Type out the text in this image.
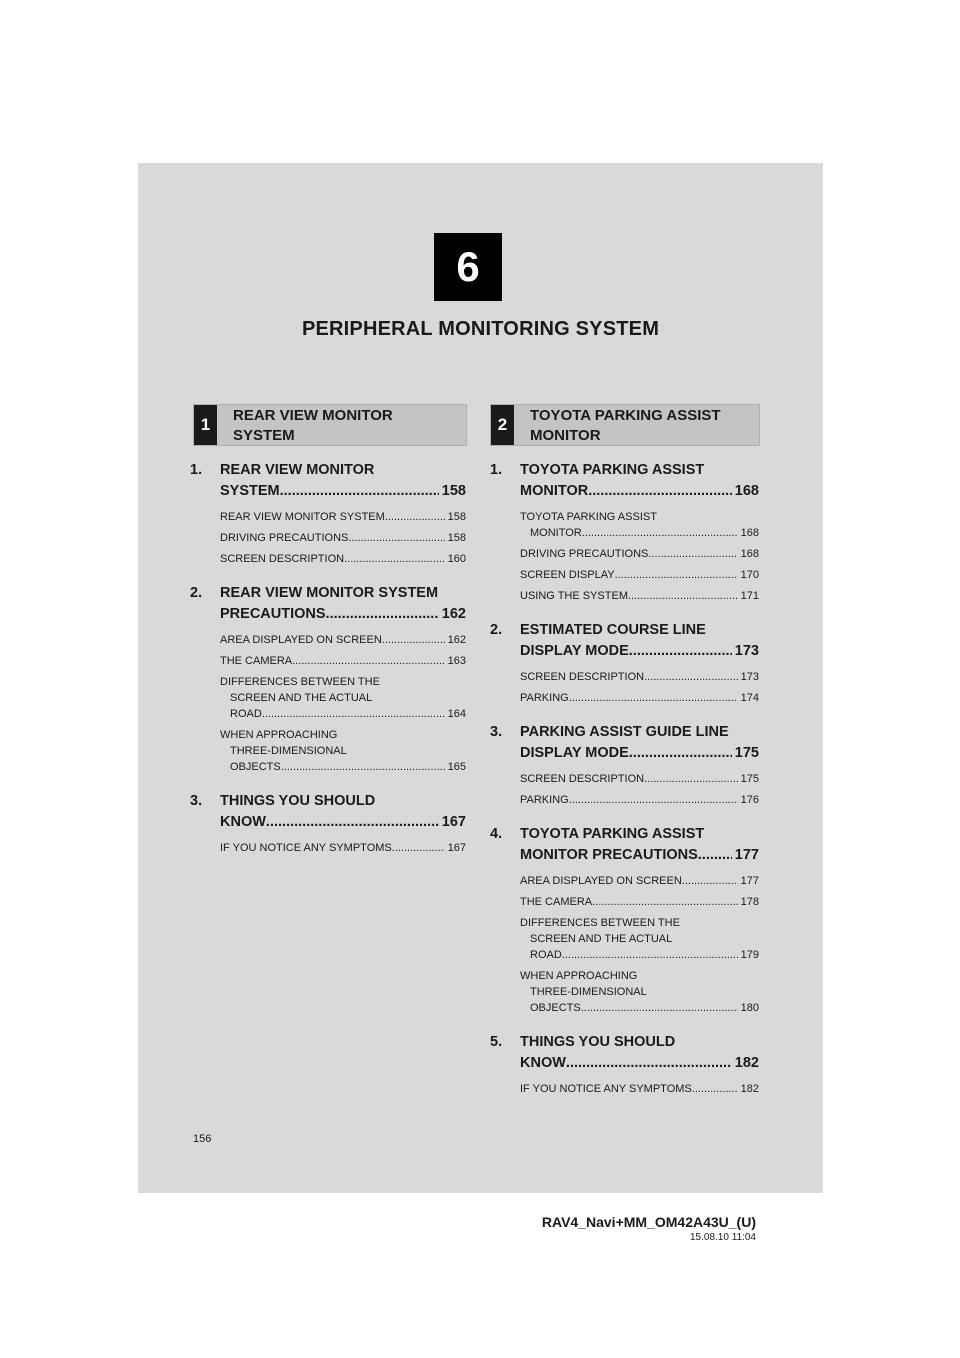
6
PERIPHERAL MONITORING SYSTEM
1	REAR VIEW MONITOR
SYSTEM
2	TOYOTA PARKING ASSIST
MONITOR
1.	REAR VIEW MONITOR
SYSTEM .....	158
REAR VIEW MONITOR SYSTEM .....	158
DRIVING PRECAUTIONS .....	158
SCREEN DESCRIPTION .....	160
2.	REAR VIEW MONITOR SYSTEM
PRECAUTIONS .....	162
AREA DISPLAYED ON SCREEN .....	162
THE CAMERA .....	163
DIFFERENCES BETWEEN THE
SCREEN AND THE ACTUAL
ROAD .....	164
WHEN APPROACHING
THREE-DIMENSIONAL
OBJECTS .....	165
3.	THINGS YOU SHOULD
KNOW .....	167
IF YOU NOTICE ANY SYMPTOMS .....	167
1.	TOYOTA PARKING ASSIST
MONITOR .....	168
TOYOTA PARKING ASSIST
MONITOR .....	168
DRIVING PRECAUTIONS .....	168
SCREEN DISPLAY .....	170
USING THE SYSTEM .....	171
2.	ESTIMATED COURSE LINE
DISPLAY MODE .....	173
SCREEN DESCRIPTION .....	173
PARKING .....	174
3.	PARKING ASSIST GUIDE LINE
DISPLAY MODE .....	175
SCREEN DESCRIPTION .....	175
PARKING .....	176
4.	TOYOTA PARKING ASSIST
MONITOR PRECAUTIONS .....	177
AREA DISPLAYED ON SCREEN .....	177
THE CAMERA .....	178
DIFFERENCES BETWEEN THE
SCREEN AND THE ACTUAL
ROAD .....	179
WHEN APPROACHING
THREE-DIMENSIONAL
OBJECTS .....	180
5.	THINGS YOU SHOULD
KNOW .....	182
IF YOU NOTICE ANY SYMPTOMS .....	182
156
RAV4_Navi+MM_OM42A43U_(U)
15.08.10 11:04
